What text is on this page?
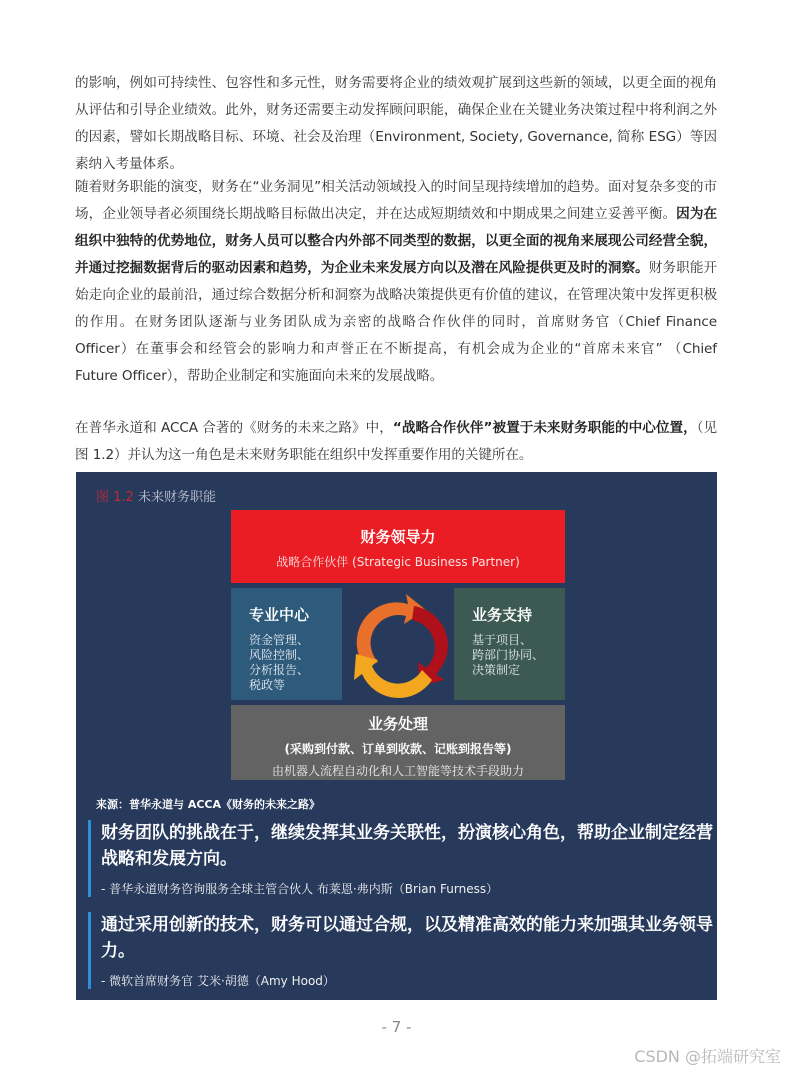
的影响，例如可持续性、包容性和多元性，财务需要将企业的绩效观扩展到这些新的领域，以更全面的视角从评估和引导企业绩效。此外，财务还需要主动发挥顾问职能，确保企业在关键业务决策过程中将利润之外的因素，譬如长期战略目标、环境、社会及治理（Environment, Society, Governance, 简称 ESG）等因素纳入考量体系。
随着财务职能的演变，财务在“业务洞见”相关活动领域投入的时间呈现持续增加的趋势。面对复杂多变的市场，企业领导者必须围绕长期战略目标做出决定，并在达成短期绩效和中期成果之间建立妥善平衡。因为在组织中独特的优势地位，财务人员可以整合内外部不同类型的数据，以更全面的视角来展现公司经营全貌，并通过挖掘数据背后的驱动因素和趋势，为企业未来发展方向以及潜在风险提供更及时的洞察。财务职能开始走向企业的最前沿，通过综合数据分析和洞察为战略决策提供更有价值的建议，在管理决策中发挥更积极的作用。在财务团队逐渐与业务团队成为亲密的战略合作伙伴的同时，首席财务官（Chief Finance Officer）在董事会和经管会的影响力和声誉正在不断提高，有机会成为企业的“首席未来官” （Chief Future Officer），帮助企业制定和实施面向未来的发展战略。
在普华永道和 ACCA 合著的《财务的未来之路》中，“战略合作伙伴”被置于未来财务职能的中心位置，（见图 1.2）并认为这一角色是未来财务职能在组织中发挥重要作用的关键所在。
图 1.2 未来财务职能
财务领导力
战略合作伙伴 (Strategic Business Partner)
专业中心
资金管理、
风险控制、
分析报告、
税政等
业务支持
基于项目、
跨部门协同、
决策制定
业务处理
(采购到付款、订单到收款、记账到报告等)
由机器人流程自动化和人工智能等技术手段助力
来源：普华永道与 ACCA《财务的未来之路》
财务团队的挑战在于，继续发挥其业务关联性，扮演核心角色，帮助企业制定经营战略和发展方向。
- 普华永道财务咨询服务全球主管合伙人 布莱恩·弗内斯（Brian Furness）
通过采用创新的技术，财务可以通过合规，以及精准高效的能力来加强其业务领导力。
- 微软首席财务官 艾米·胡德（Amy Hood）
- 7 -
CSDN @拓端研究室
